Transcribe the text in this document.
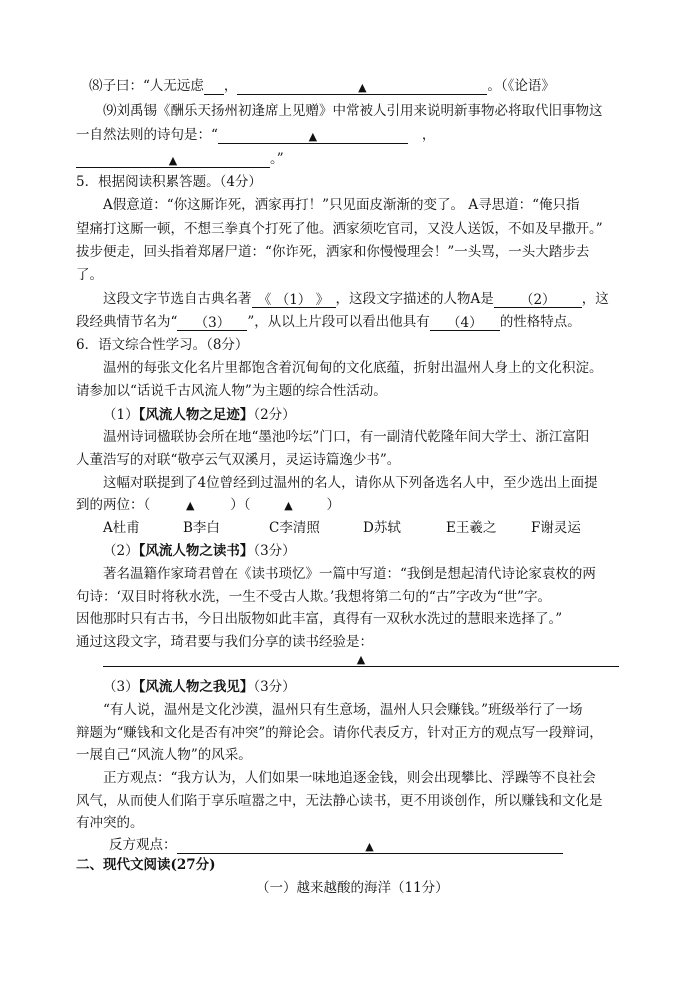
⑻子曰：“人无远虑 ，	▲	。（《论语》
⑼刘禹锡《酬乐天扬州初逢席上见赠》中常被人引用来说明新事物必将取代旧事物这
一自然法则的诗句是：“	▲	，
▲	。”
5．根据阅读积累答题。（4分）
A假意道：“你这厮诈死，洒家再打！”只见面皮渐渐的变了。 A寻思道：“俺只指
望痛打这厮一顿，不想三拳真个打死了他。洒家须吃官司，又没人送饭，不如及早撒开。”
拔步便走，回头指着郑屠尸道：“你诈死，洒家和你慢慢理会！”一头骂，一头大踏步去
了。
这段文字节选自古典名著 《 （1） 》 ，这段文字描述的人物A是 （2） ，这
段经典情节名为“ （3） ”，从以上片段可以看出他具有 （4） 的性格特点。
6．语文综合性学习。（8分）
温州的每张文化名片里都饱含着沉甸甸的文化底蕴，折射出温州人身上的文化积淀。
请参加以“话说千古风流人物”为主题的综合性活动。
（1）【风流人物之足迹】（2分）
温州诗词楹联协会所在地“墨池吟坛”门口，有一副清代乾隆年间大学士、浙江富阳
人董浩写的对联“敬亭云气双溪月，灵运诗篇逸少书”。
这幅对联提到了4位曾经到过温州的名人，请你从下列备选名人中，至少选出上面提
到的两位：（	▲	）（	▲	）
A杜甫	B李白	C李清照	D苏轼	E王羲之	F谢灵运
（2）【风流人物之读书】（3分）
著名温籍作家琦君曾在《读书琐忆》一篇中写道：“我倒是想起清代诗论家袁枚的两
句诗：‘双目时将秋水洗，一生不受古人欺。’我想将第二句的“古”字改为“世”字。
因他那时只有古书，今日出版物如此丰富，真得有一双秋水洗过的慧眼来选择了。”
通过这段文字，琦君要与我们分享的读书经验是：
▲
（3）【风流人物之我见】（3分）
“有人说，温州是文化沙漠，温州只有生意场，温州人只会赚钱。”班级举行了一场
辩题为“赚钱和文化是否有冲突”的辩论会。请你代表反方，针对正方的观点写一段辩词，
一展自己“风流人物”的风采。
正方观点：“我方认为，人们如果一味地追逐金钱，则会出现攀比、浮躁等不良社会
风气，从而使人们陷于享乐喧嚣之中，无法静心读书，更不用谈创作，所以赚钱和文化是
有冲突的。
反方观点：	▲
二、现代文阅读(27分)
（一）越来越酸的海洋（11分）
